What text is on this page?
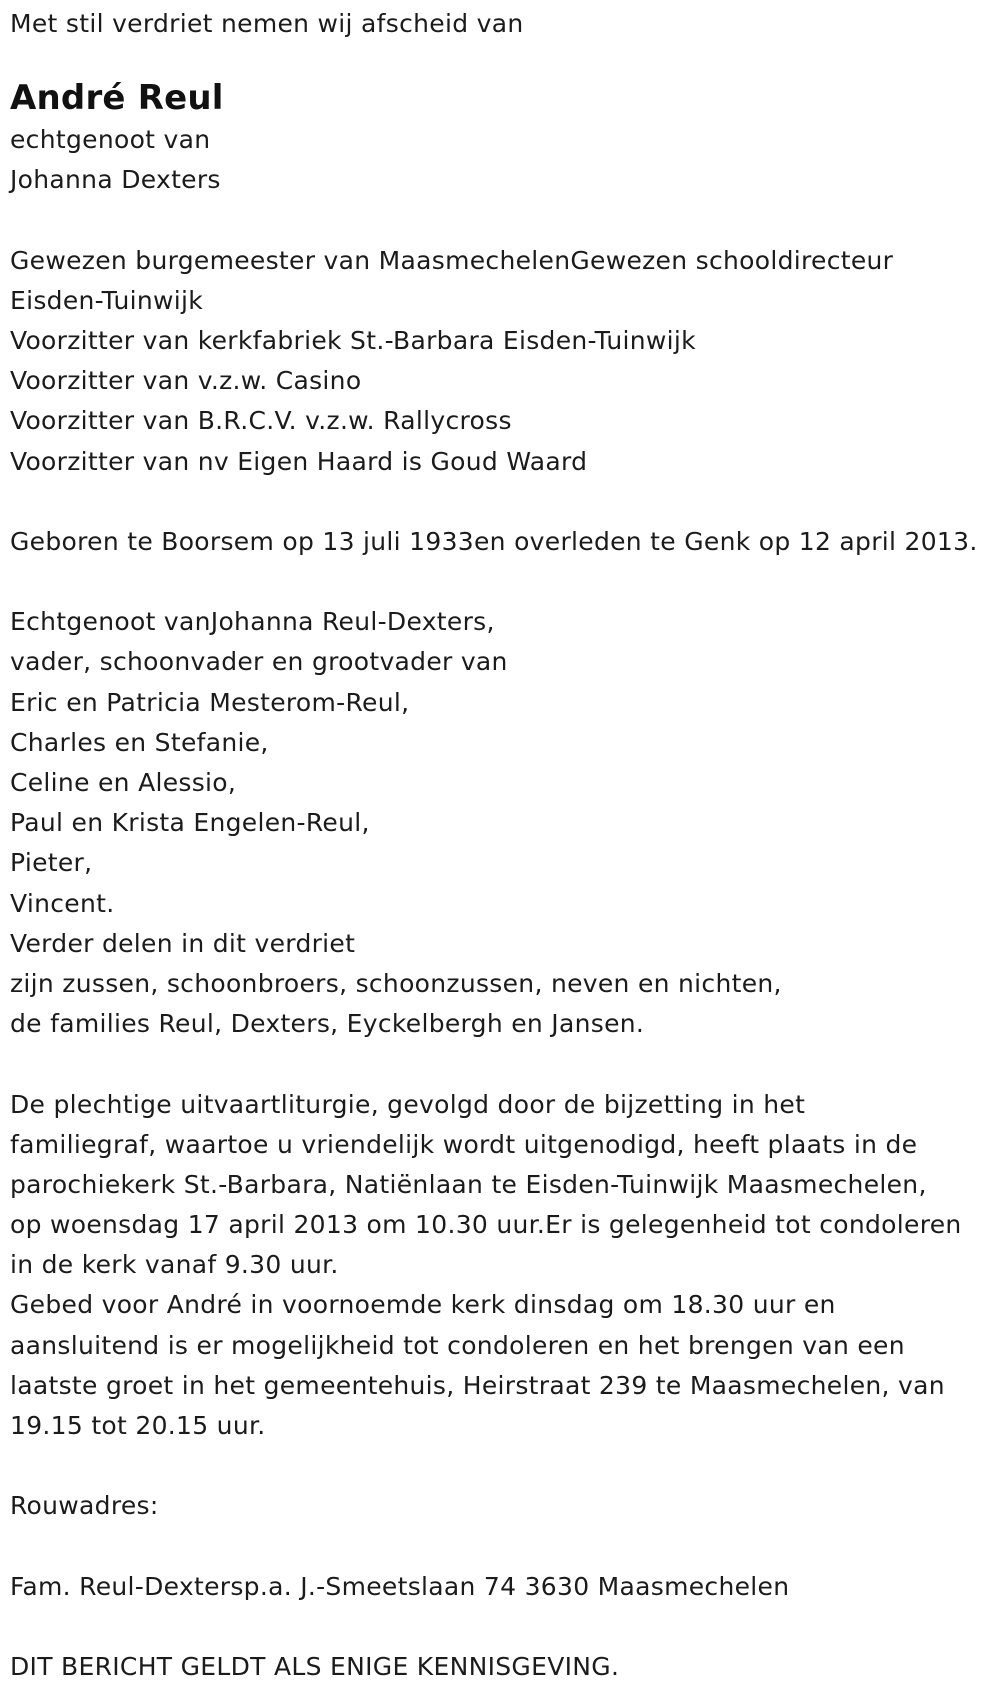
Met stil verdriet nemen wij afscheid van
André Reul
echtgenoot van
Johanna Dexters
Gewezen burgemeester van MaasmechelenGewezen schooldirecteur
Eisden-Tuinwijk
Voorzitter van kerkfabriek St.-Barbara Eisden-Tuinwijk
Voorzitter van v.z.w. Casino
Voorzitter van B.R.C.V. v.z.w. Rallycross
Voorzitter van nv Eigen Haard is Goud Waard
Geboren te Boorsem op 13 juli 1933en overleden te Genk op 12 april 2013.
Echtgenoot vanJohanna Reul-Dexters,
vader, schoonvader en grootvader van
Eric en Patricia Mesterom-Reul,
Charles en Stefanie,
Celine en Alessio,
Paul en Krista Engelen-Reul,
Pieter,
Vincent.
Verder delen in dit verdriet
zijn zussen, schoonbroers, schoonzussen, neven en nichten,
de families Reul, Dexters, Eyckelbergh en Jansen.
De plechtige uitvaartliturgie, gevolgd door de bijzetting in het
familiegraf, waartoe u vriendelijk wordt uitgenodigd, heeft plaats in de
parochiekerk St.-Barbara, Natiënlaan te Eisden-Tuinwijk Maasmechelen,
op woensdag 17 april 2013 om 10.30 uur.Er is gelegenheid tot condoleren
in de kerk vanaf 9.30 uur.
Gebed voor André in voornoemde kerk dinsdag om 18.30 uur en
aansluitend is er mogelijkheid tot condoleren en het brengen van een
laatste groet in het gemeentehuis, Heirstraat 239 te Maasmechelen, van
19.15 tot 20.15 uur.
Rouwadres:
Fam. Reul-Dextersp.a. J.-Smeetslaan 74 3630 Maasmechelen
DIT BERICHT GELDT ALS ENIGE KENNISGEVING.
